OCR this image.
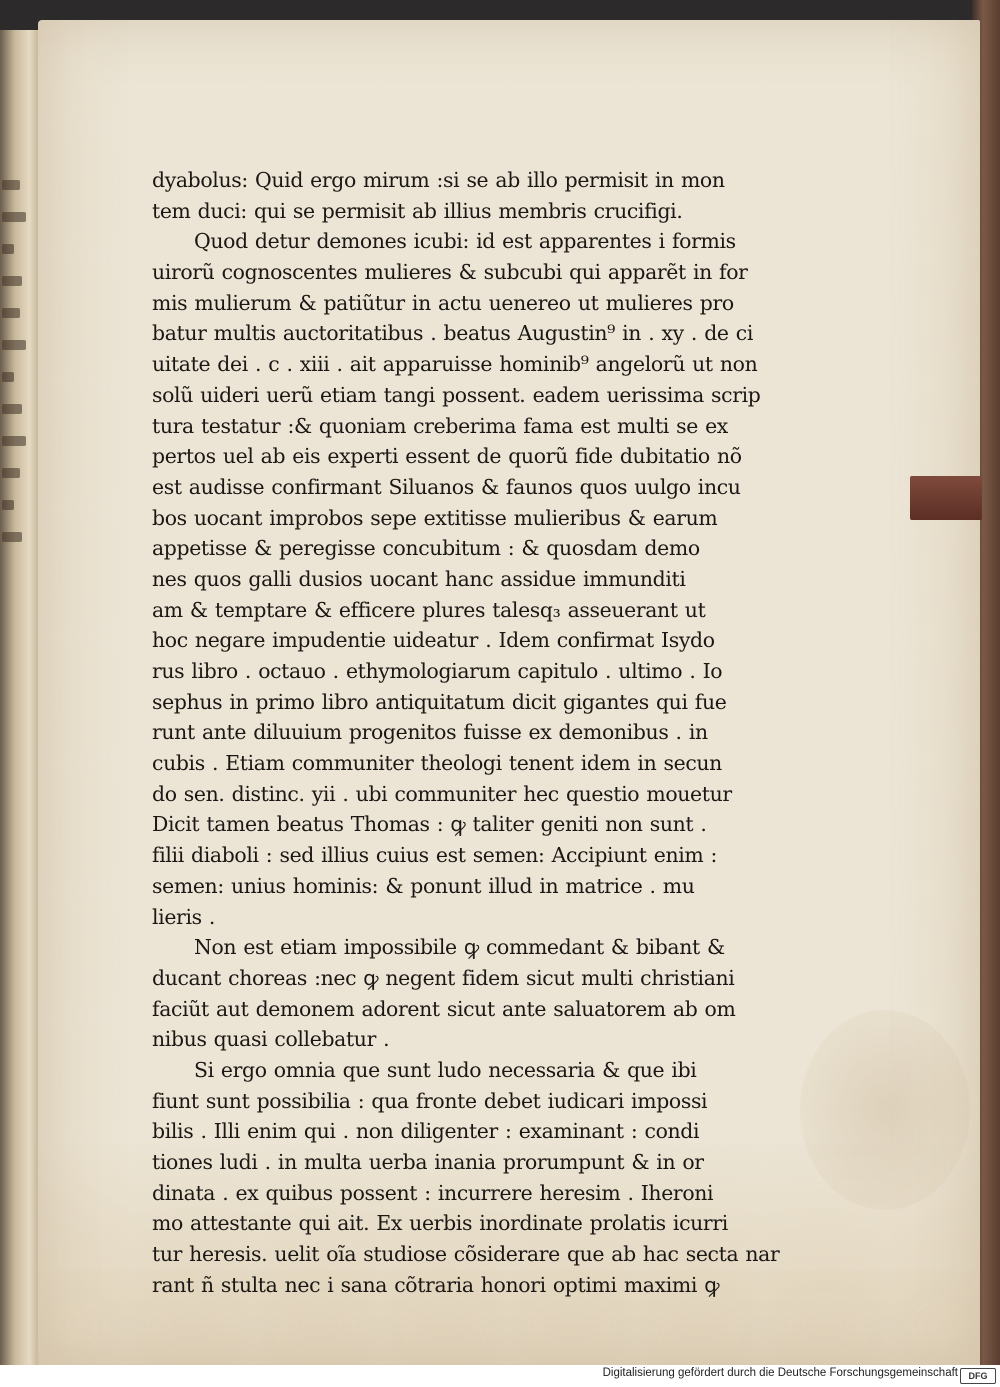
dyabolus: Quid ergo mirum :si se ab illo permisit in mon
tem duci: qui se permisit ab illius membris crucifigi.
Quod detur demones icubi: id est apparentes i formis
uirorũ cognoscentes mulieres & subcubi qui apparẽt in for
mis mulierum & patiũtur in actu uenereo ut mulieres pro
batur multis auctoritatibus . beatus Augustin⁹ in . xy . de ci
uitate dei . c . xiii . ait apparuisse hominib⁹ angelorũ ut non
solũ uideri uerũ etiam tangi possent. eadem uerissima scrip
tura testatur :& quoniam creberima fama est multi se ex
pertos uel ab eis experti essent de quorũ fide dubitatio nõ
est audisse confirmant Siluanos & faunos quos uulgo incu
bos uocant improbos sepe extitisse mulieribus & earum
appetisse & peregisse concubitum : & quosdam demo
nes quos galli dusios uocant hanc assidue immunditi
am & temptare & efficere plures talesq₃ asseuerant ut
hoc negare impudentie uideatur . Idem confirmat Isydo
rus libro . octauo . ethymologiarum capitulo . ultimo . Io
sephus in primo libro antiquitatum dicit gigantes qui fue
runt ante diluuium progenitos fuisse ex demonibus . in
cubis . Etiam communiter theologi tenent idem in secun
do sen. distinc. yii . ubi communiter hec questio mouetur
Dicit tamen beatus Thomas : ꝙ taliter geniti non sunt .
filii diaboli : sed illius cuius est semen: Accipiunt enim :
semen: unius hominis: & ponunt illud in matrice . mu
lieris .
Non est etiam impossibile ꝙ commedant & bibant &
ducant choreas :nec ꝙ negent fidem sicut multi christiani
faciũt aut demonem adorent sicut ante saluatorem ab om
nibus quasi collebatur .
Si ergo omnia que sunt ludo necessaria & que ibi
fiunt sunt possibilia : qua fronte debet iudicari impossi
bilis . Illi enim qui . non diligenter : examinant : condi
tiones ludi . in multa uerba inania prorumpunt & in or
dinata . ex quibus possent : incurrere heresim . Iheroni
mo attestante qui ait. Ex uerbis inordinate prolatis icurri
tur heresis. uelit oĩa studiose cõsiderare que ab hac secta nar
rant ñ stulta nec i sana cõtraria honori optimi maximi ꝙ
Digitalisierung gefördert durch die Deutsche Forschungsgemeinschaft	DFG
